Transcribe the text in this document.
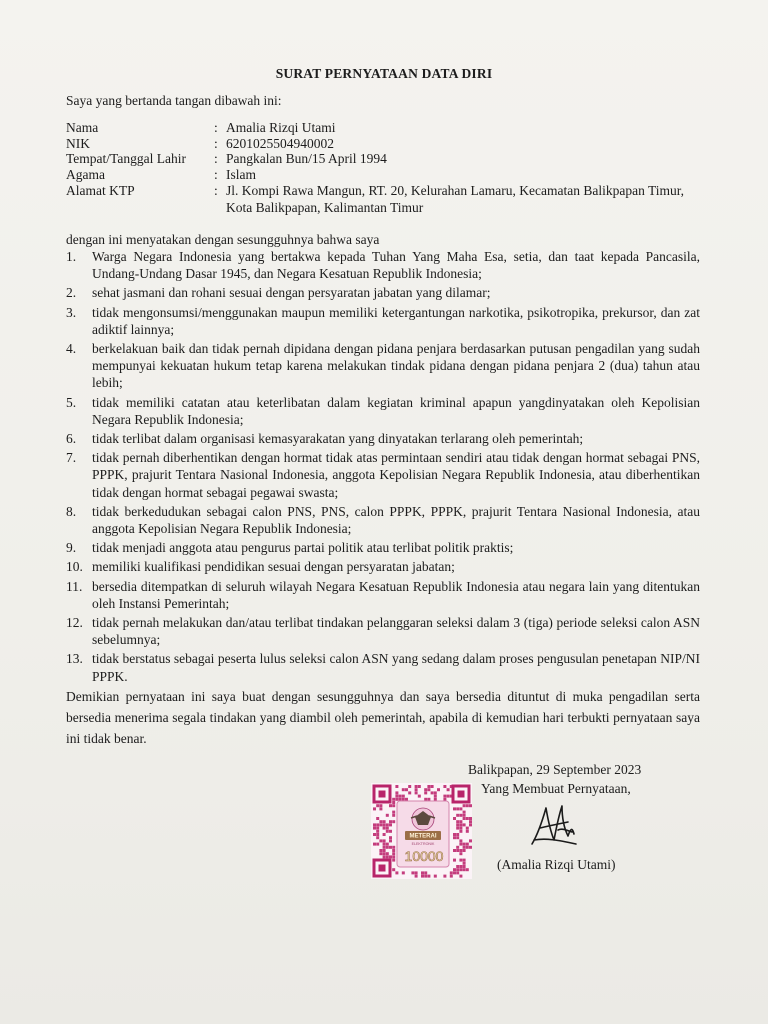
SURAT PERNYATAAN DATA DIRI
Saya yang bertanda tangan dibawah ini:
Nama	: Amalia Rizqi Utami
NIK	: 6201025504940002
Tempat/Tanggal Lahir	: Pangkalan Bun/15 April 1994
Agama	: Islam
Alamat KTP	: Jl. Kompi Rawa Mangun, RT. 20, Kelurahan Lamaru, Kecamatan Balikpapan Timur, Kota Balikpapan, Kalimantan Timur
dengan ini menyatakan dengan sesungguhnya bahwa saya
1.	Warga Negara Indonesia yang bertakwa kepada Tuhan Yang Maha Esa, setia, dan taat kepada Pancasila, Undang-Undang Dasar 1945, dan Negara Kesatuan Republik Indonesia;
2.	sehat jasmani dan rohani sesuai dengan persyaratan jabatan yang dilamar;
3.	tidak mengonsumsi/menggunakan maupun memiliki ketergantungan narkotika, psikotropika, prekursor, dan zat adiktif lainnya;
4.	berkelakuan baik dan tidak pernah dipidana dengan pidana penjara berdasarkan putusan pengadilan yang sudah mempunyai kekuatan hukum tetap karena melakukan tindak pidana dengan pidana penjara 2 (dua) tahun atau lebih;
5.	tidak memiliki catatan atau keterlibatan dalam kegiatan kriminal apapun yangdinyatakan oleh Kepolisian Negara Republik Indonesia;
6.	tidak terlibat dalam organisasi kemasyarakatan yang dinyatakan terlarang oleh pemerintah;
7.	tidak pernah diberhentikan dengan hormat tidak atas permintaan sendiri atau tidak dengan hormat sebagai PNS, PPPK, prajurit Tentara Nasional Indonesia, anggota Kepolisian Negara Republik Indonesia, atau diberhentikan tidak dengan hormat sebagai pegawai swasta;
8.	tidak berkedudukan sebagai calon PNS, PNS, calon PPPK, PPPK, prajurit Tentara Nasional Indonesia, atau anggota Kepolisian Negara Republik Indonesia;
9.	tidak menjadi anggota atau pengurus partai politik atau terlibat politik praktis;
10. memiliki kualifikasi pendidikan sesuai dengan persyaratan jabatan;
11. bersedia ditempatkan di seluruh wilayah Negara Kesatuan Republik Indonesia atau negara lain yang ditentukan oleh Instansi Pemerintah;
12. tidak pernah melakukan dan/atau terlibat tindakan pelanggaran seleksi dalam 3 (tiga) periode seleksi calon ASN sebelumnya;
13. tidak berstatus sebagai peserta lulus seleksi calon ASN yang sedang dalam proses pengusulan penetapan NIP/NI PPPK.
Demikian pernyataan ini saya buat dengan sesungguhnya dan saya bersedia dituntut di muka pengadilan serta bersedia menerima segala tindakan yang diambil oleh pemerintah, apabila di kemudian hari terbukti pernyataan saya ini tidak benar.
Balikpapan, 29 September 2023
Yang Membuat Pernyataan,
METERAI
ELEKTRONIK
10000
(Amalia Rizqi Utami)
